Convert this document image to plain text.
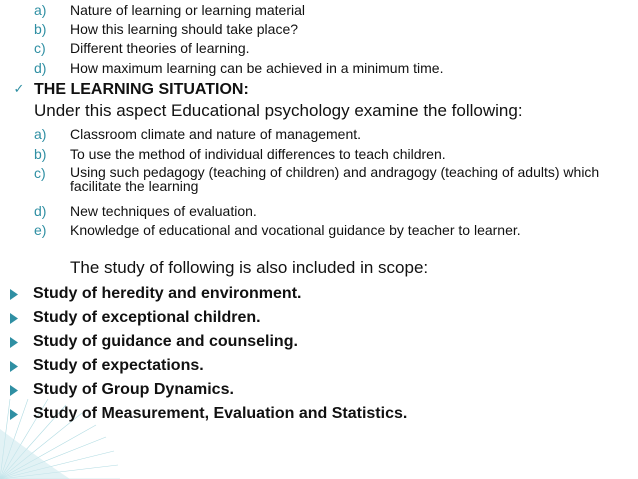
a) Nature of learning or learning material
b) How this learning should take place?
c) Different theories of learning.
d) How maximum learning can be achieved in a minimum time.
✓ THE LEARNING SITUATION:
Under this aspect Educational psychology examine the following:
a) Classroom climate and nature of management.
b) To use the method of individual differences to teach children.
c) Using such pedagogy (teaching of children) and andragogy (teaching of adults) which facilitate the learning
d) New techniques of evaluation.
e) Knowledge of educational and vocational guidance by teacher to learner.
The study of following is also included in scope:
Study of heredity and environment.
Study of exceptional children.
Study of guidance and counseling.
Study of expectations.
Study of Group Dynamics.
Study of Measurement, Evaluation and Statistics.
